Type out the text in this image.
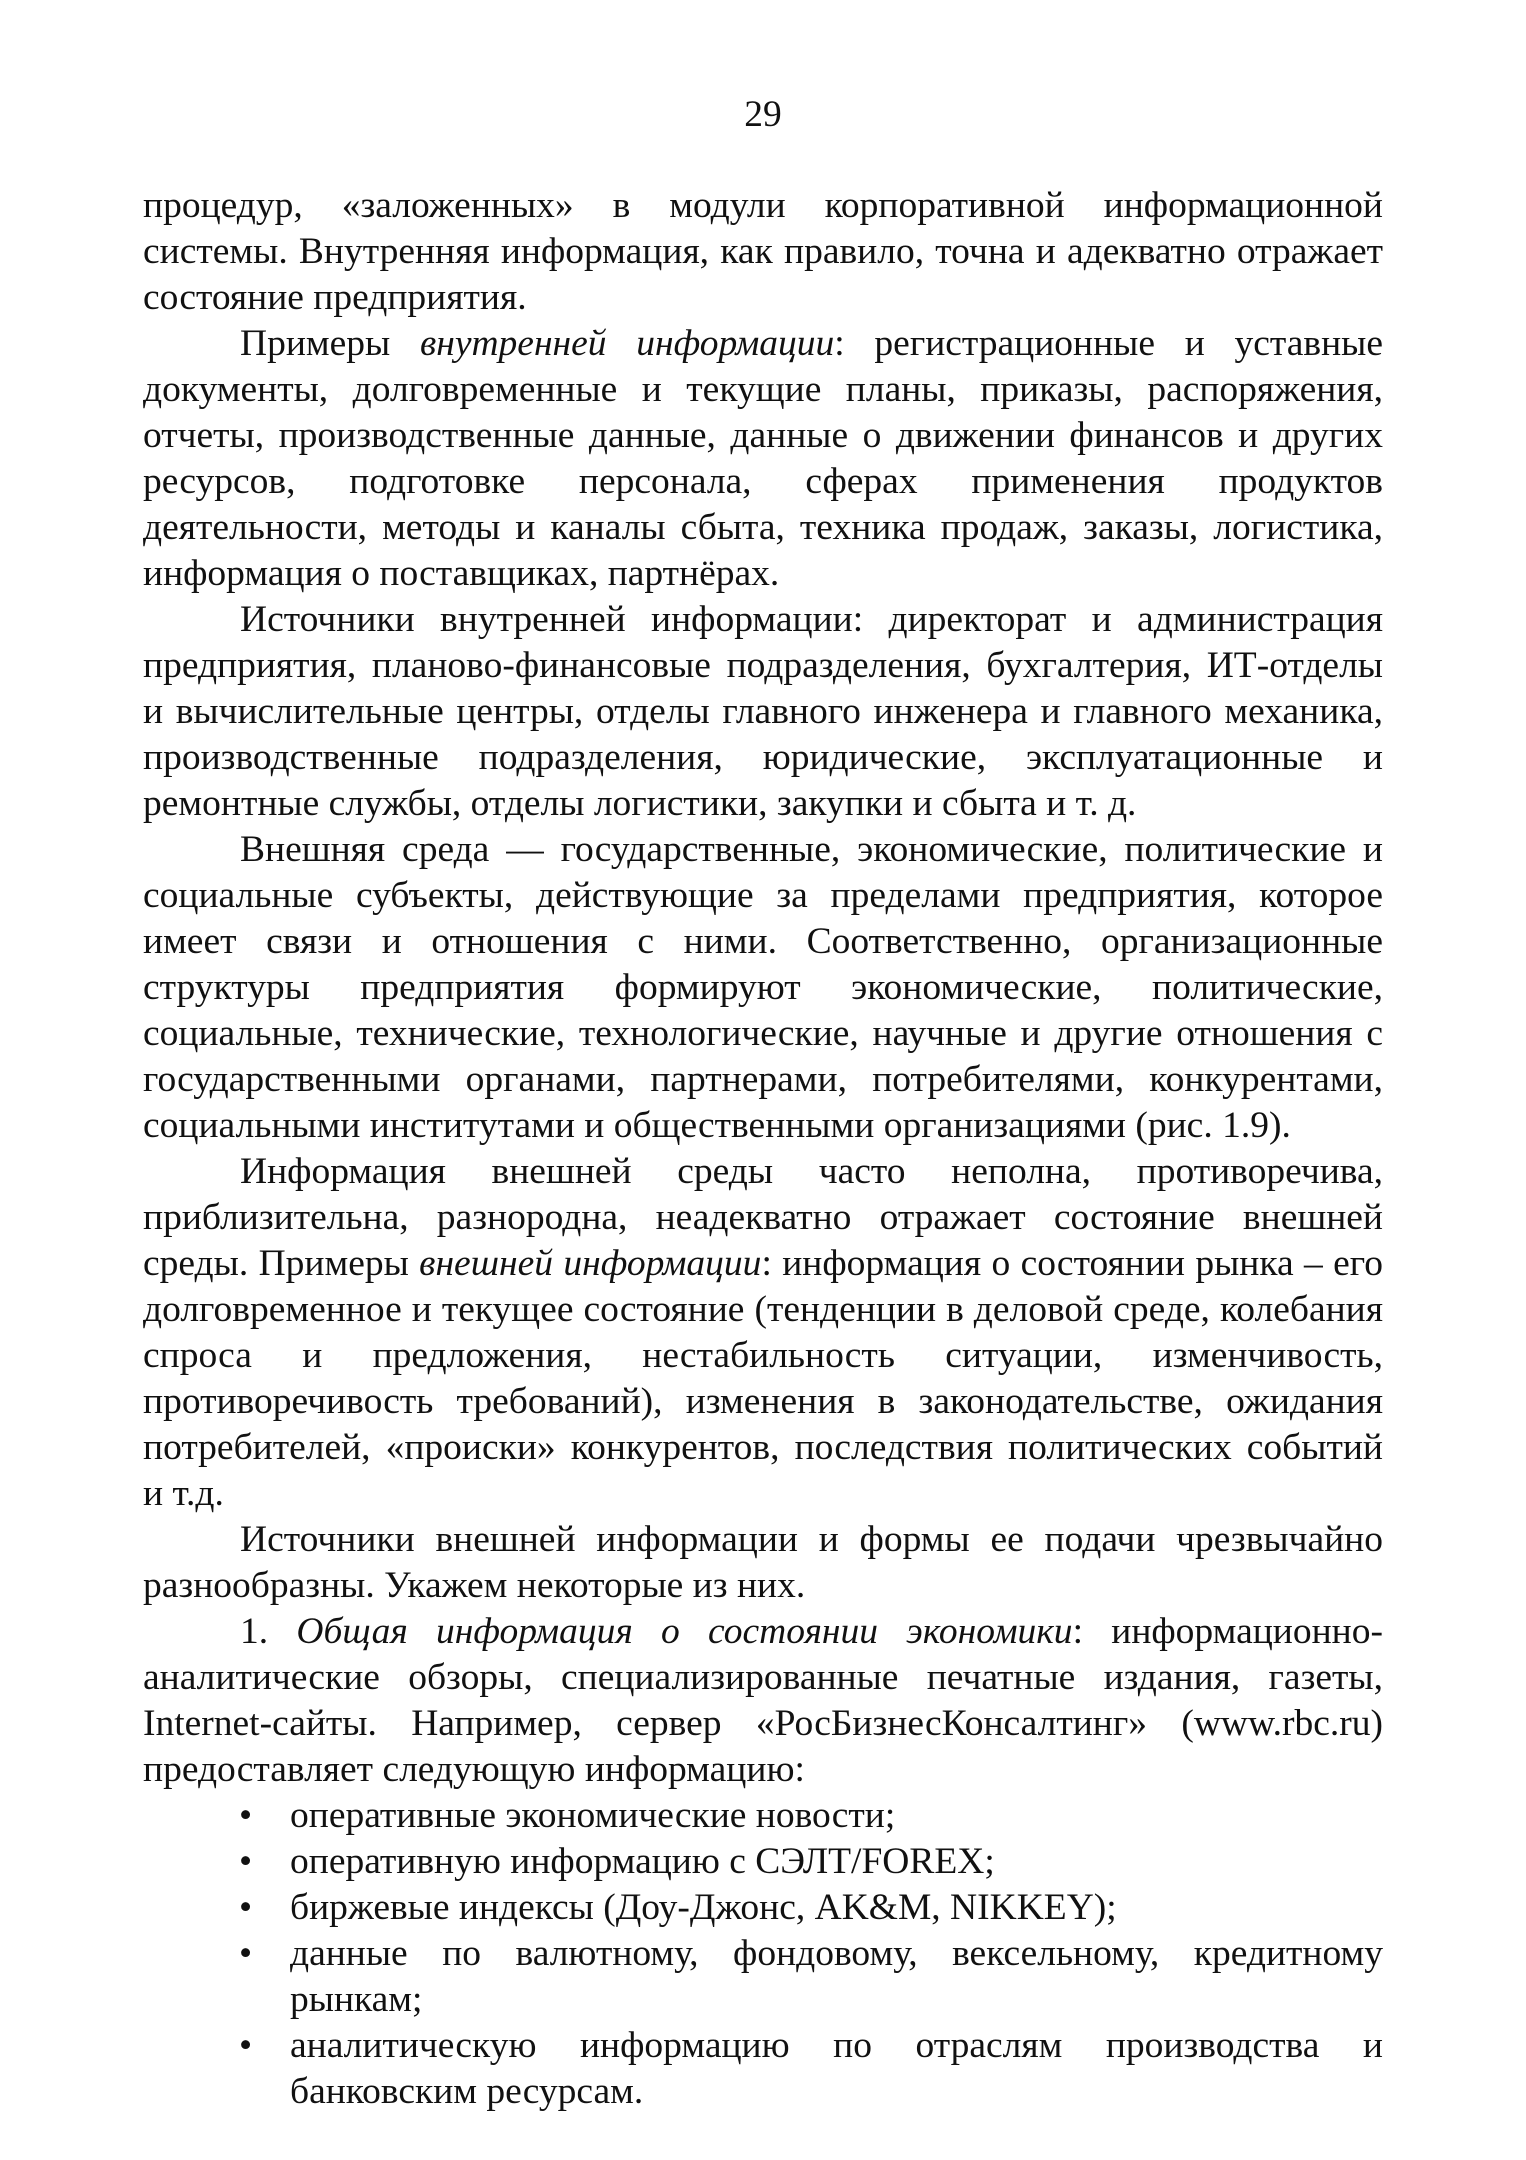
29

процедур, «заложенных» в модули корпоративной информационной системы. Внутренняя информация, как правило, точна и адекватно отражает состояние предприятия.

Примеры внутренней информации: регистрационные и уставные документы, долговременные и текущие планы, приказы, распоряжения, отчеты, производственные данные, данные о движении финансов и других ресурсов, подготовке персонала, сферах применения продуктов деятельности, методы и каналы сбыта, техника продаж, заказы, логистика, информация о поставщиках, партнёрах.

Источники внутренней информации: директорат и администрация предприятия, планово-финансовые подразделения, бухгалтерия, ИТ-отделы и вычислительные центры, отделы главного инженера и главного механика, производственные подразделения, юридические, эксплуатационные и ремонтные службы, отделы логистики, закупки и сбыта и т. д.

Внешняя среда — государственные, экономические, политические и социальные субъекты, действующие за пределами предприятия, которое имеет связи и отношения с ними. Соответственно, организационные структуры предприятия формируют экономические, политические, социальные, технические, технологические, научные и другие отношения с государственными органами, партнерами, потребителями, конкурентами, социальными институтами и общественными организациями (рис. 1.9).

Информация внешней среды часто неполна, противоречива, приблизительна, разнородна, неадекватно отражает состояние внешней среды. Примеры внешней информации: информация о состоянии рынка – его долговременное и текущее состояние (тенденции в деловой среде, колебания спроса и предложения, нестабильность ситуации, изменчивость, противоречивость требований), изменения в законодательстве, ожидания потребителей, «происки» конкурентов, последствия политических событий и т.д.

Источники внешней информации и формы ее подачи чрезвычайно разнообразны. Укажем некоторые из них.

1. Общая информация о состоянии экономики: информационно-аналитические обзоры, специализированные печатные издания, газеты, Internet-сайты. Например, сервер «РосБизнесКонсалтинг» (www.rbc.ru) предоставляет следующую информацию:

• оперативные экономические новости;
• оперативную информацию с СЭЛТ/FOREX;
• биржевые индексы (Доу-Джонс, AK&M, NIKKEY);
• данные по валютному, фондовому, вексельному, кредитному рынкам;
• аналитическую информацию по отраслям производства и банковским ресурсам.
